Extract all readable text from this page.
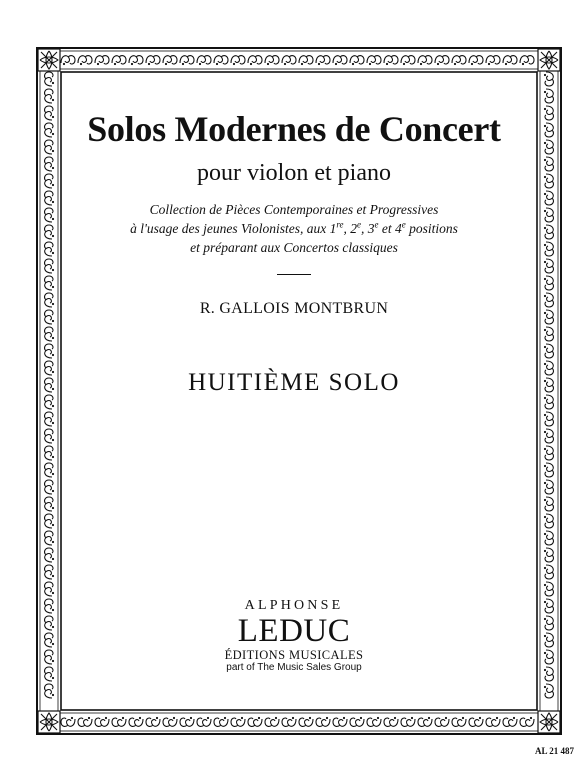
Solos Modernes de Concert
pour violon et piano
Collection de Pièces Contemporaines et Progressives
à l'usage des jeunes Violonistes, aux 1re, 2e, 3e et 4e positions
et préparant aux Concertos classiques
R. GALLOIS MONTBRUN
HUITIÈME SOLO
ALPHONSE
LEDUC
ÉDITIONS MUSICALES
part of The Music Sales Group
AL 21 487
